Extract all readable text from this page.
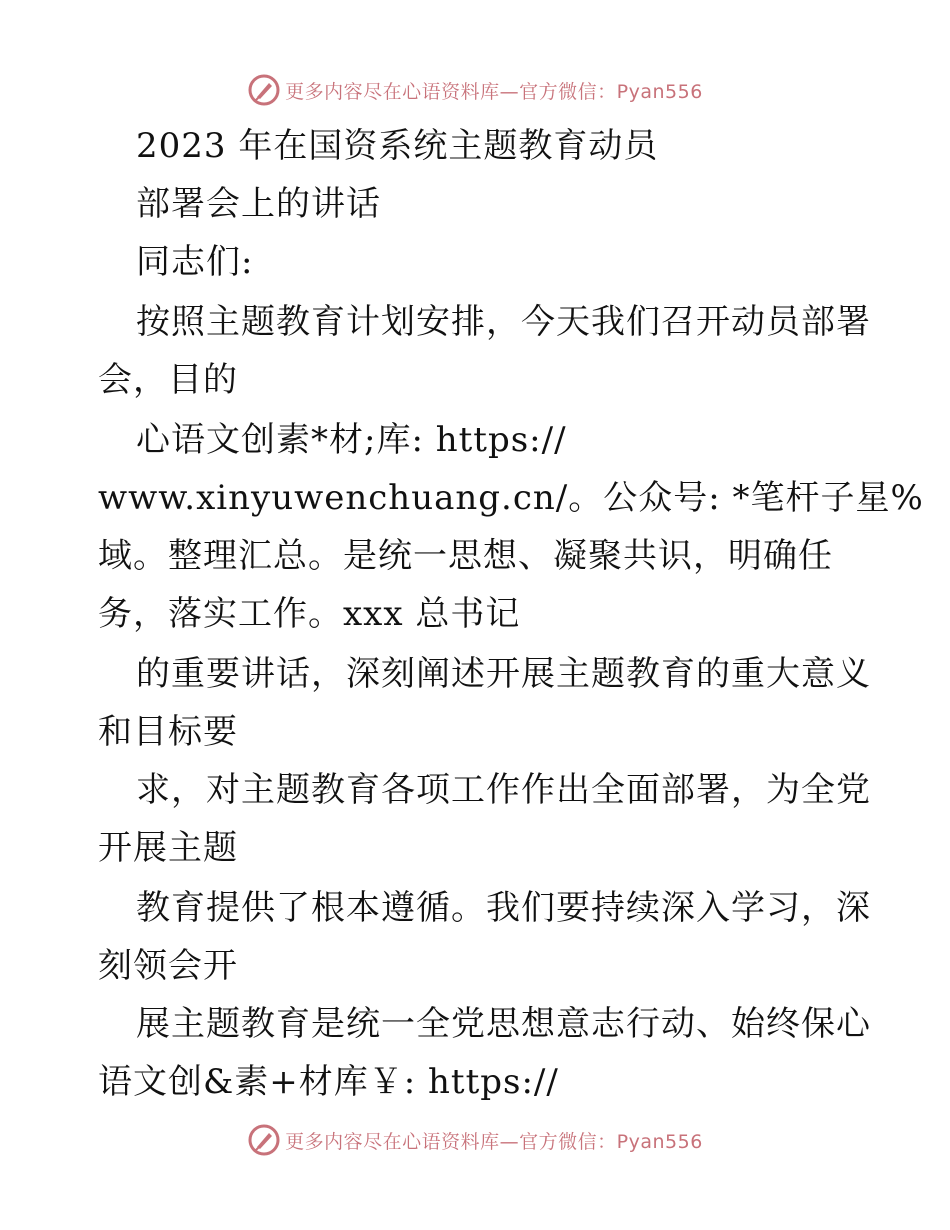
更多内容尽在心语资料库—官方微信：Pyan556
2023 年在国资系统主题教育动员
部署会上的讲话
同志们:
按照主题教育计划安排，今天我们召开动员部署
会，目的
心语文创素*材;库: https://
www.xinyuwenchuang.cn/。公众号: *笔杆子星%
域。整理汇总。是统一思想、凝聚共识，明确任
务，落实工作。xxx 总书记
的重要讲话，深刻阐述开展主题教育的重大意义
和目标要
求，对主题教育各项工作作出全面部署，为全党
开展主题
教育提供了根本遵循。我们要持续深入学习，深
刻领会开
展主题教育是统一全党思想意志行动、始终保心
语文创&素+材库￥: https://
更多内容尽在心语资料库—官方微信：Pyan556
